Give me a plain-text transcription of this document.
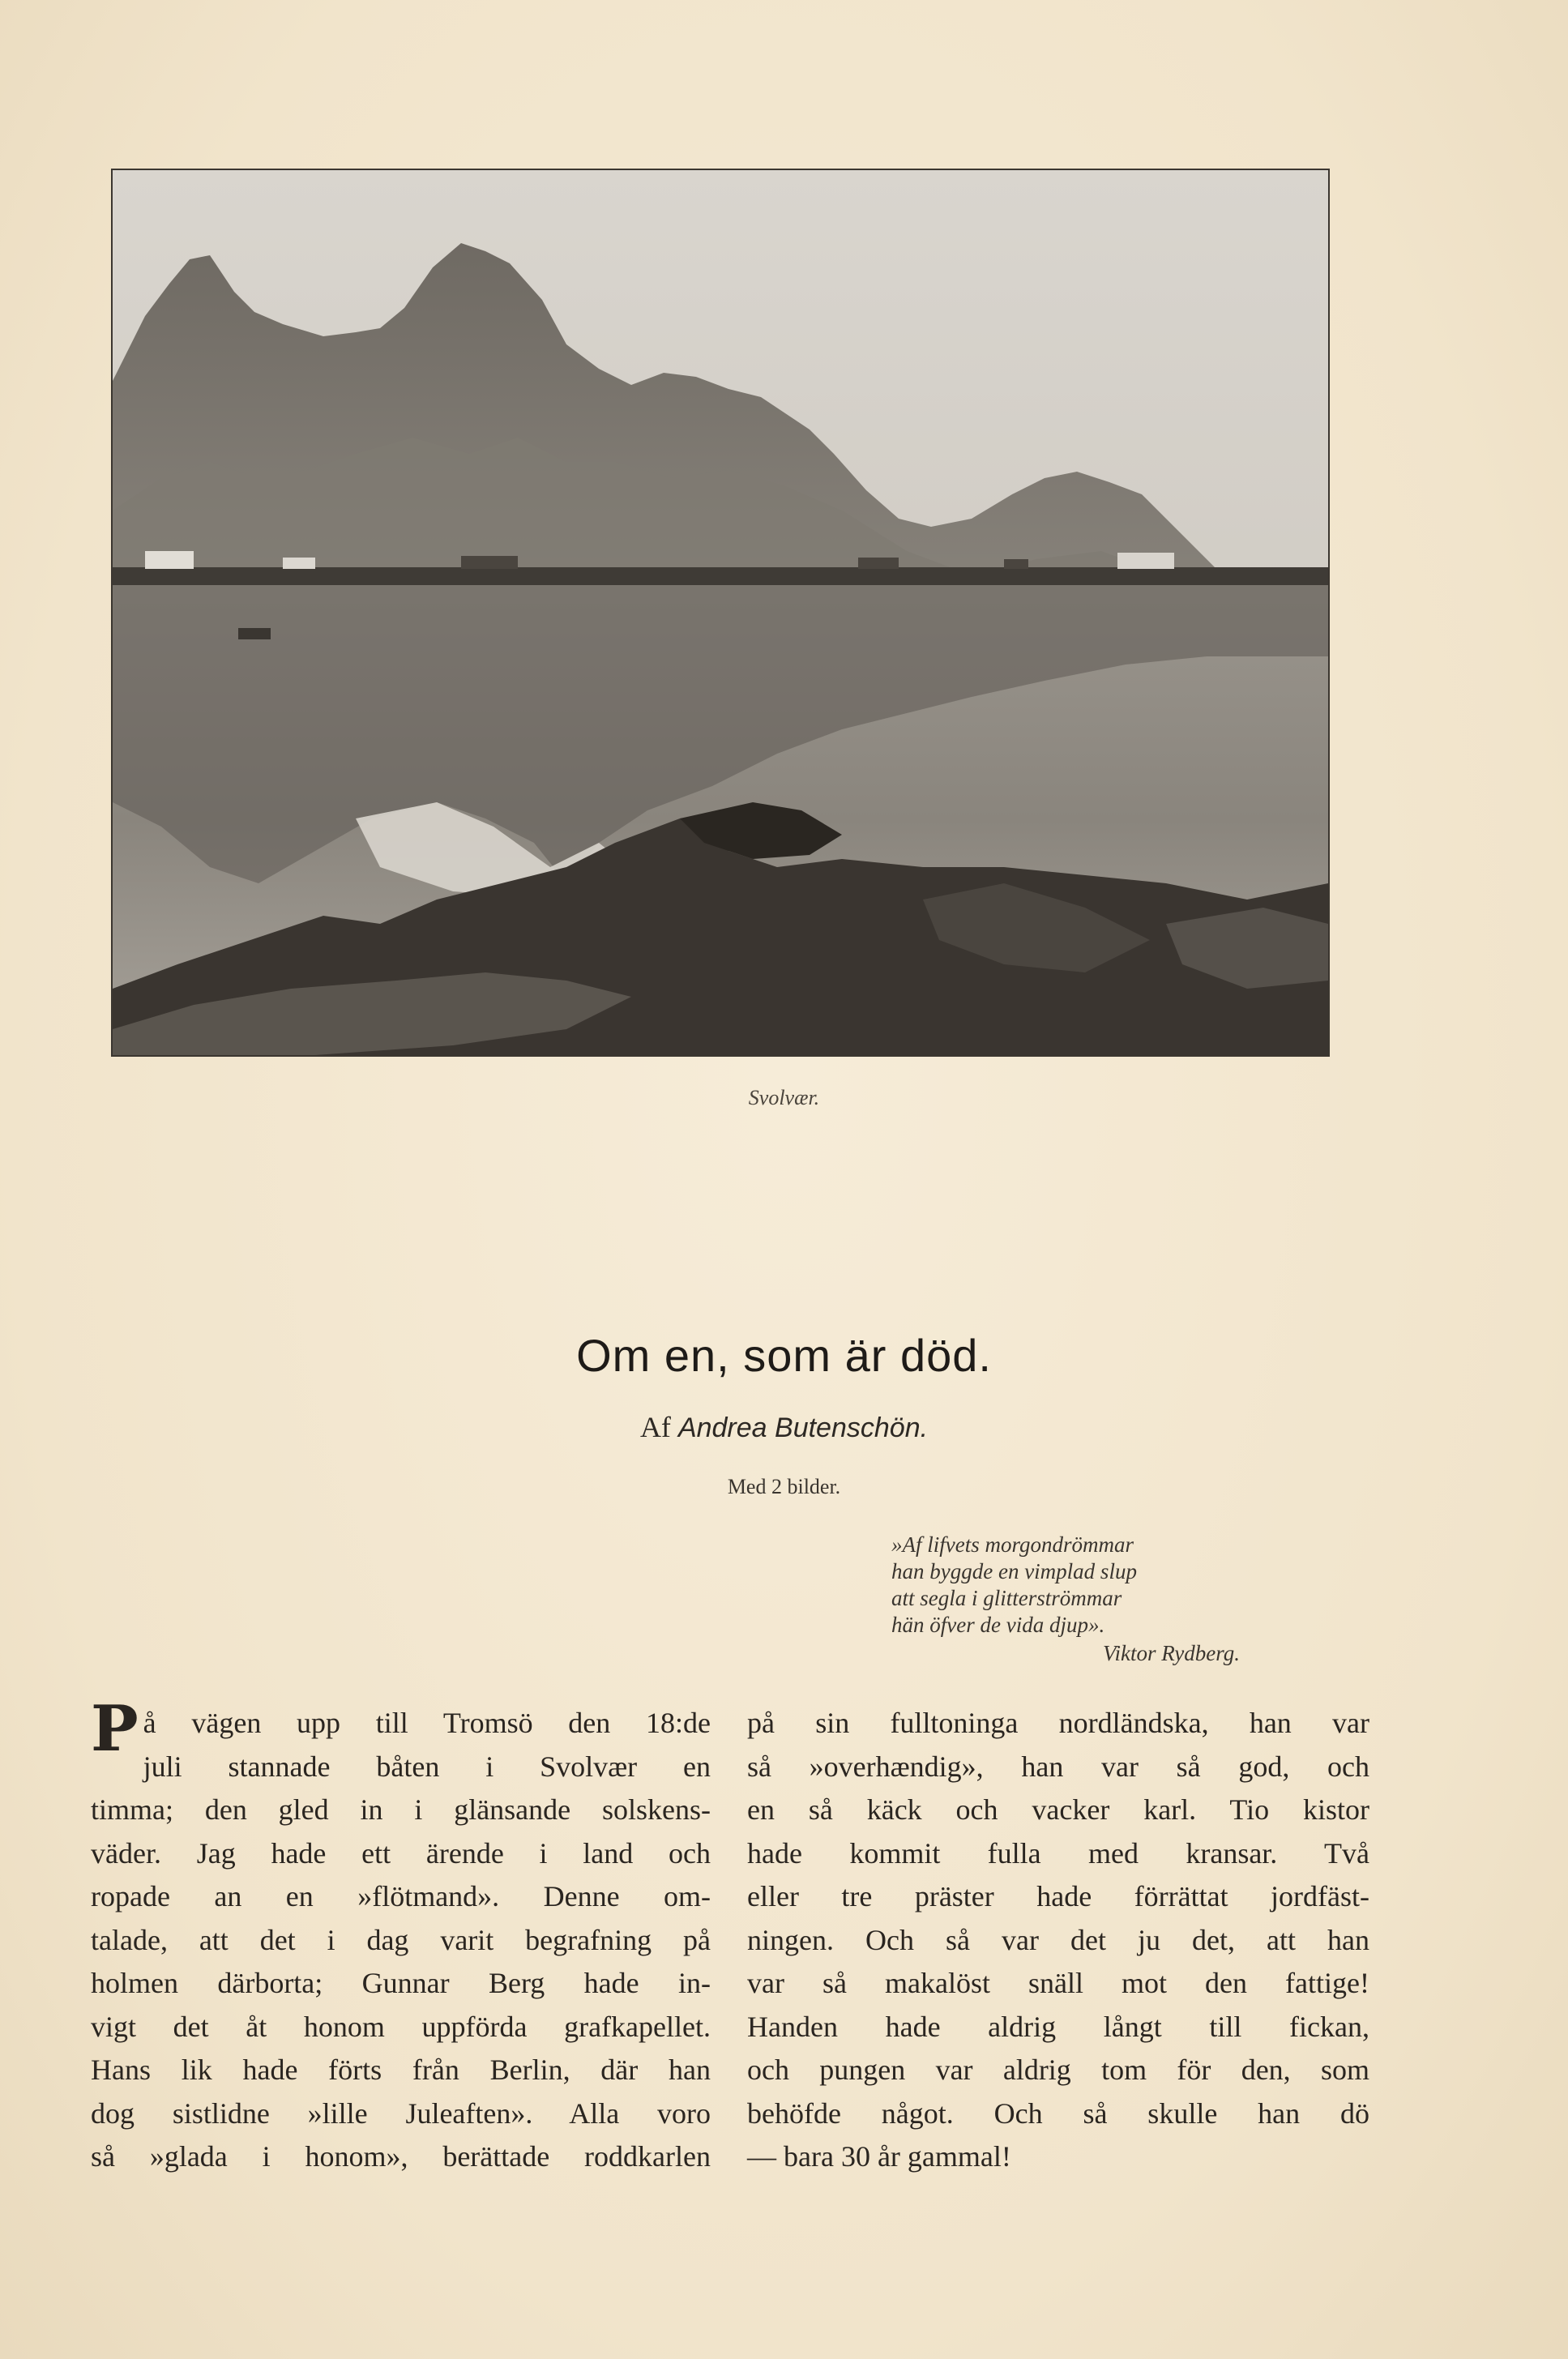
Svolvær.
Om en, som är död.
Af Andrea Butenschön.
Med 2 bilder.
»Af lifvets morgondrömmar
han byggde en vimplad slup
att segla i glitterströmmar
hän öfver de vida djup».
Viktor Rydberg.
P å vägen upp till Tromsö den 18:de
juli stannade båten i Svolvær en
timma; den gled in i glänsande solskens-
väder. Jag hade ett ärende i land och
ropade an en »flötmand». Denne om-
talade, att det i dag varit begrafning på
holmen därborta; Gunnar Berg hade in-
vigt det åt honom uppförda grafkapellet.
Hans lik hade förts från Berlin, där han
dog sistlidne »lille Juleaften». Alla voro
så »glada i honom», berättade roddkarlen
på sin fulltoninga nordländska, han var
så »overhændig», han var så god, och
en så käck och vacker karl. Tio kistor
hade kommit fulla med kransar. Två
eller tre präster hade förrättat jordfäst-
ningen. Och så var det ju det, att han
var så makalöst snäll mot den fattige!
Handen hade aldrig långt till fickan,
och pungen var aldrig tom för den, som
behöfde något. Och så skulle han dö
— bara 30 år gammal!
